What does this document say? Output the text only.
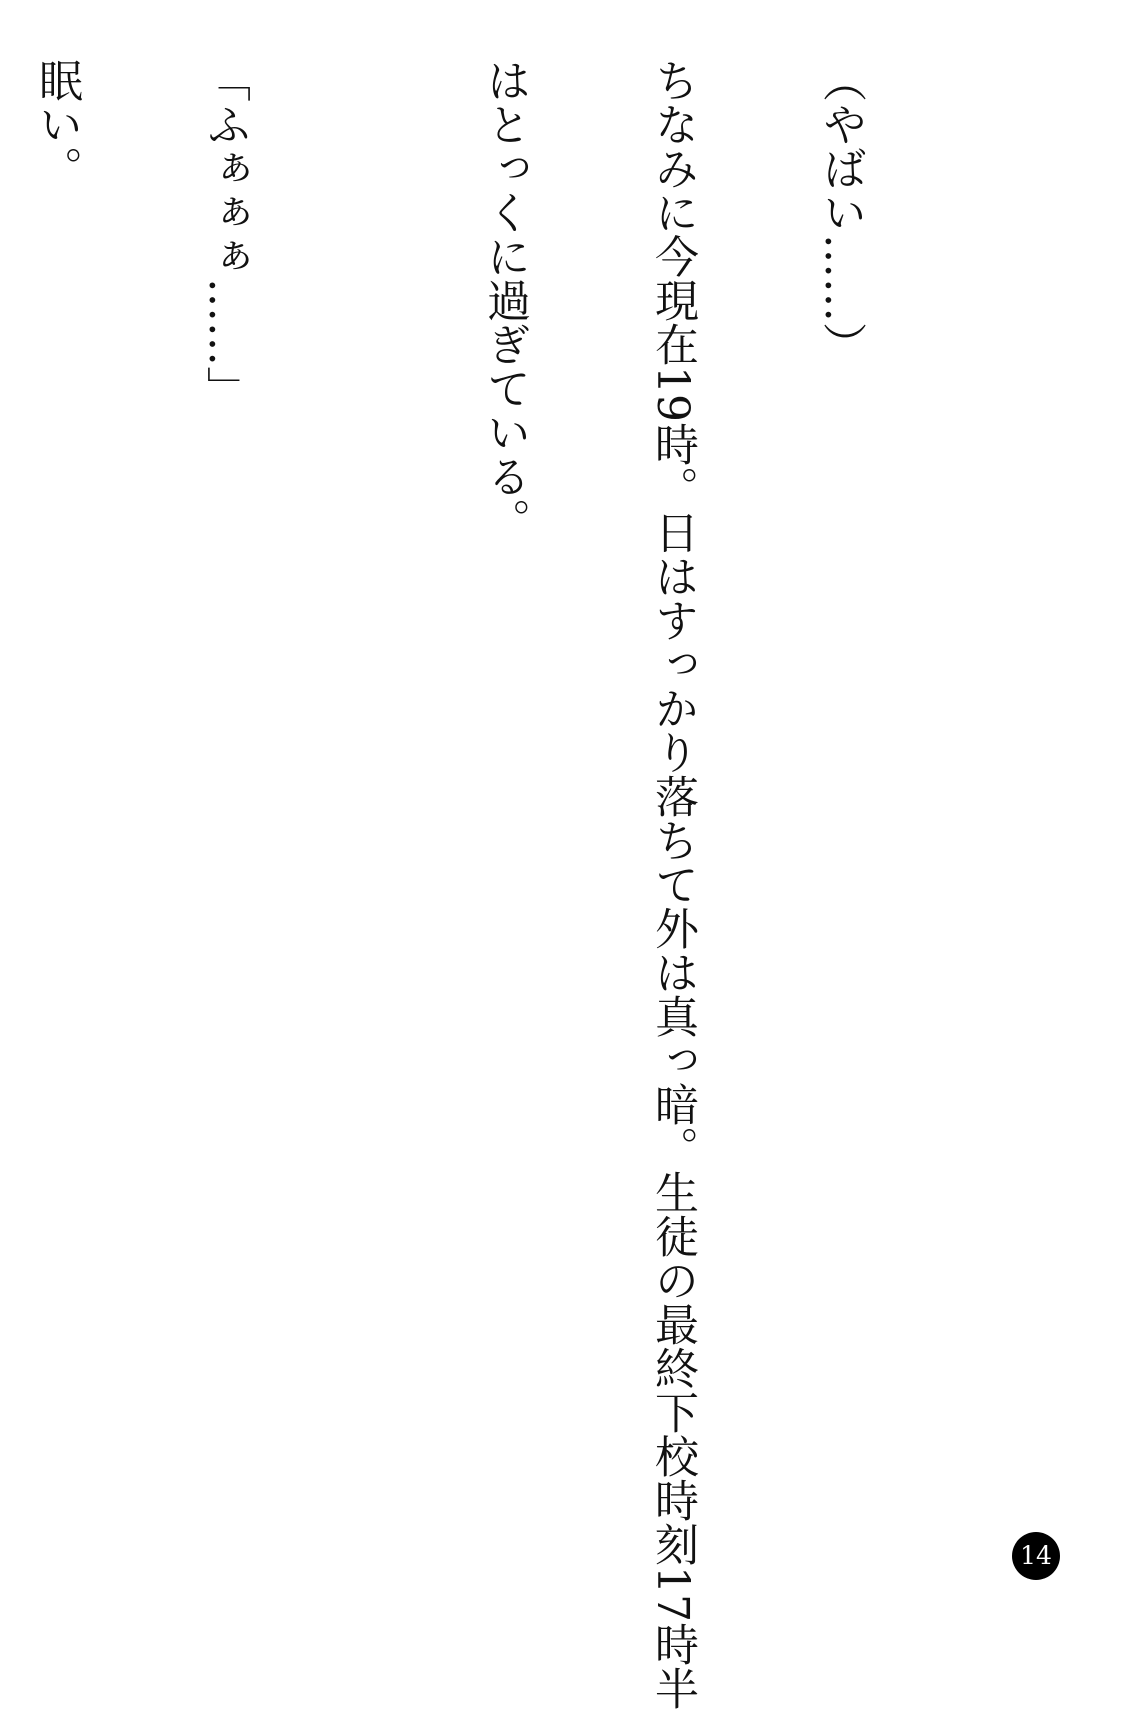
（やばい……）

ちなみに今現在19時。日はすっかり落ちて外は真っ暗。生徒の最終下校時刻17時半

はとっくに過ぎている。

「ふぁぁぁ……」

眠い。

14
